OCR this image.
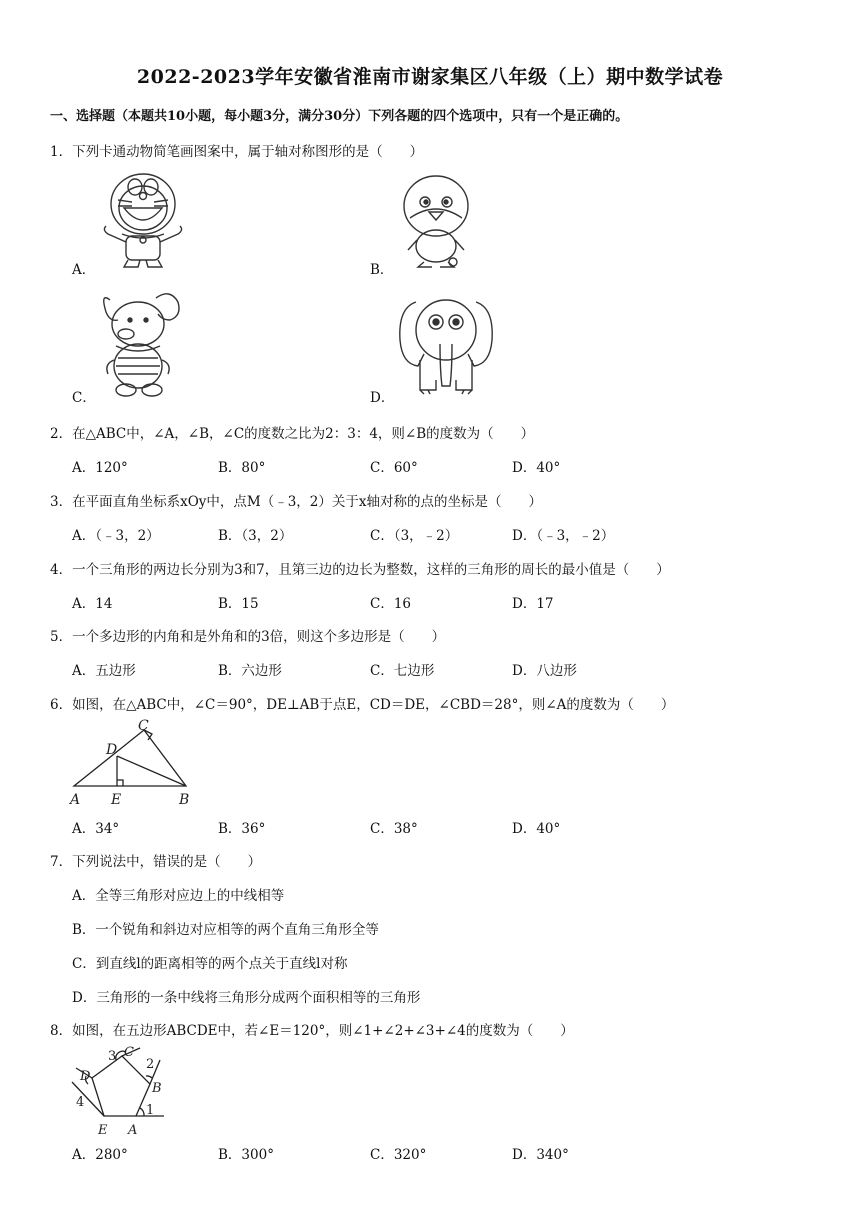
2022-2023学年安徽省淮南市谢家集区八年级（上）期中数学试卷
一、选择题（本题共10小题，每小题3分，满分30分）下列各题的四个选项中，只有一个是正确的。
1．下列卡通动物简笔画图案中，属于轴对称图形的是（　　）
A．	B．
C．	D．
2．在△ABC中，∠A，∠B，∠C的度数之比为2：3：4，则∠B的度数为（　　）
A．120°	B．80°	C．60°	D．40°
3．在平面直角坐标系xOy中，点M（﹣3，2）关于x轴对称的点的坐标是（　　）
A．（﹣3，2）	B．（3，2）	C．（3，﹣2）	D．（﹣3，﹣2）
4．一个三角形的两边长分别为3和7，且第三边的边长为整数，这样的三角形的周长的最小值是（　　）
A．14	B．15	C．16	D．17
5．一个多边形的内角和是外角和的3倍，则这个多边形是（　　）
A．五边形	B．六边形	C．七边形	D．八边形
6．如图，在△ABC中，∠C＝90°，DE⊥AB于点E，CD＝DE，∠CBD＝28°，则∠A的度数为（　　）
A E	B
C
D
A．34°	B．36°	C．38°	D．40°
7．下列说法中，错误的是（　　）
A．全等三角形对应边上的中线相等
B．一个锐角和斜边对应相等的两个直角三角形全等
C．到直线l的距离相等的两个点关于直线l对称
D．三角形的一条中线将三角形分成两个面积相等的三角形
8．如图，在五边形ABCDE中，若∠E＝120°，则∠1+∠2+∠3+∠4的度数为（　　）
A
B
C
D
E
1
2
3
4
A．280°	B．300°	C．320°	D．340°
